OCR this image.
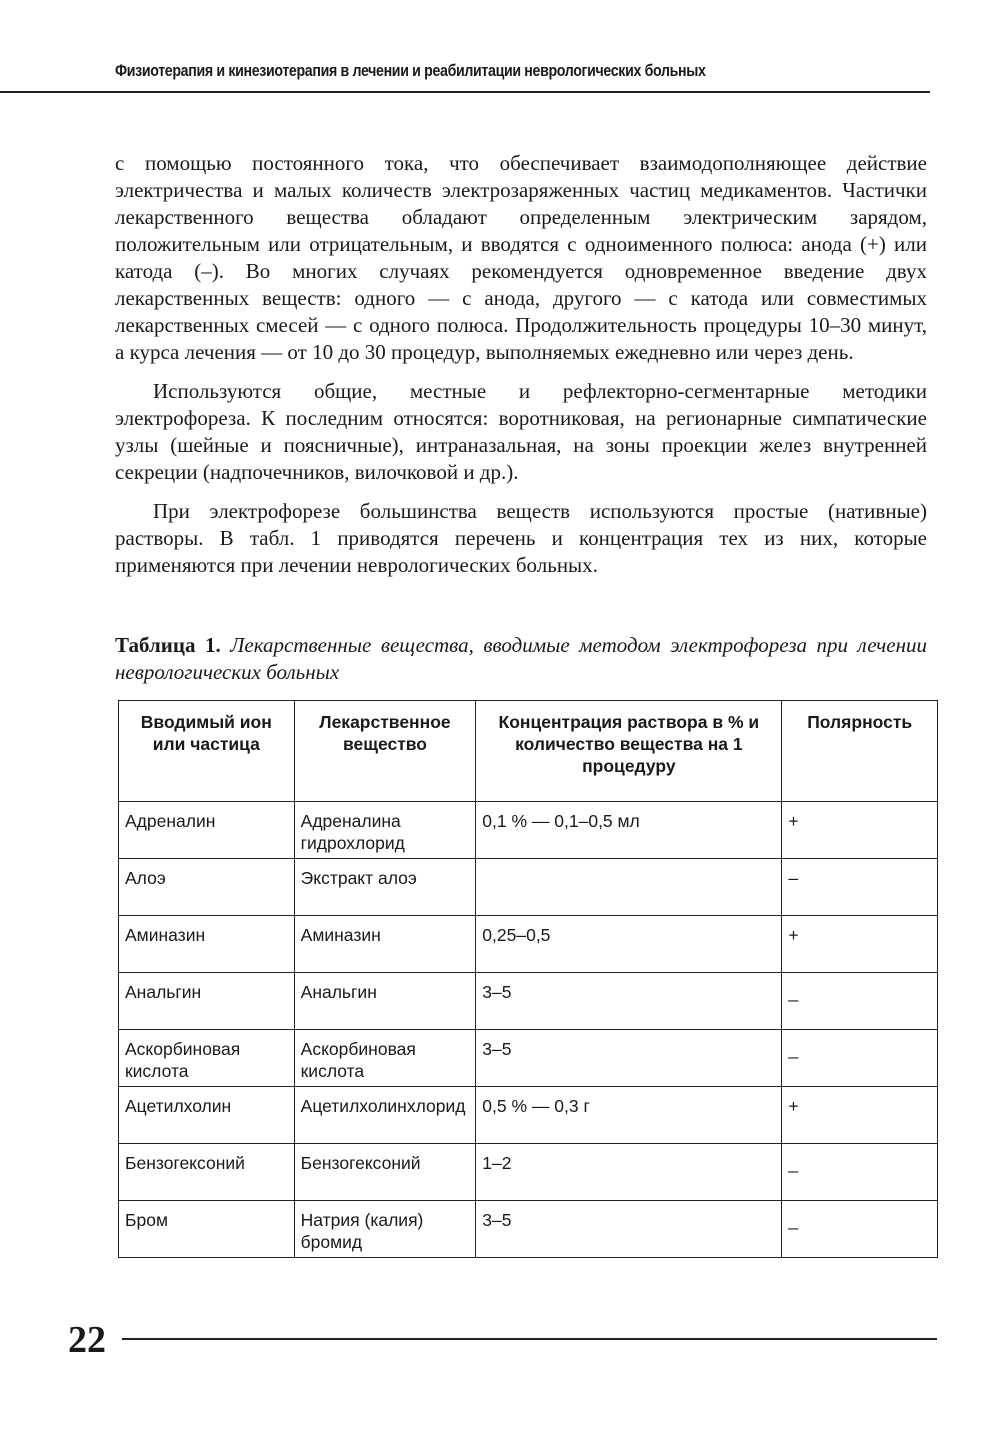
Физиотерапия и кинезиотерапия в лечении и реабилитации неврологических больных

с помощью постоянного тока, что обеспечивает взаимодополняющее действие электричества и малых количеств электрозаряженных частиц медикаментов. Частички лекарственного вещества обладают определенным электрическим зарядом, положительным или отрицательным, и вводятся с одноименного полюса: анода (+) или катода (–). Во многих случаях рекомендуется одновременное введение двух лекарственных веществ: одного — с анода, другого — с катода или совместимых лекарственных смесей — с одного полюса. Продолжительность процедуры 10–30 минут, а курса лечения — от 10 до 30 процедур, выполняемых ежедневно или через день.

Используются общие, местные и рефлекторно-сегментарные методики электрофореза. К последним относятся: воротниковая, на регионарные симпатические узлы (шейные и поясничные), интраназальная, на зоны проекции желез внутренней секреции (надпочечников, вилочковой и др.).

При электрофорезе большинства веществ используются простые (нативные) растворы. В табл. 1 приводятся перечень и концентрация тех из них, которые применяются при лечении неврологических больных.

Таблица 1. Лекарственные вещества, вводимые методом электрофореза при лечении неврологических больных
Вводимый ион или частица	Лекарственное вещество	Концентрация раствора в % и количество вещества на 1 процедуру	Полярность
Адреналин	Адреналина гидрохлорид	0,1 % — 0,1–0,5 мл	+
Алоэ	Экстракт алоэ		–
Аминазин	Аминазин	0,25–0,5	+
Анальгин	Анальгин	3–5	_
Аскорбиновая кислота	Аскорбиновая кислота	3–5	_
Ацетилхолин	Ацетилхолинхлорид	0,5 % — 0,3 г	+
Бензогексоний	Бензогексоний	1–2	_
Бром	Натрия (калия) бромид	3–5	_
22
